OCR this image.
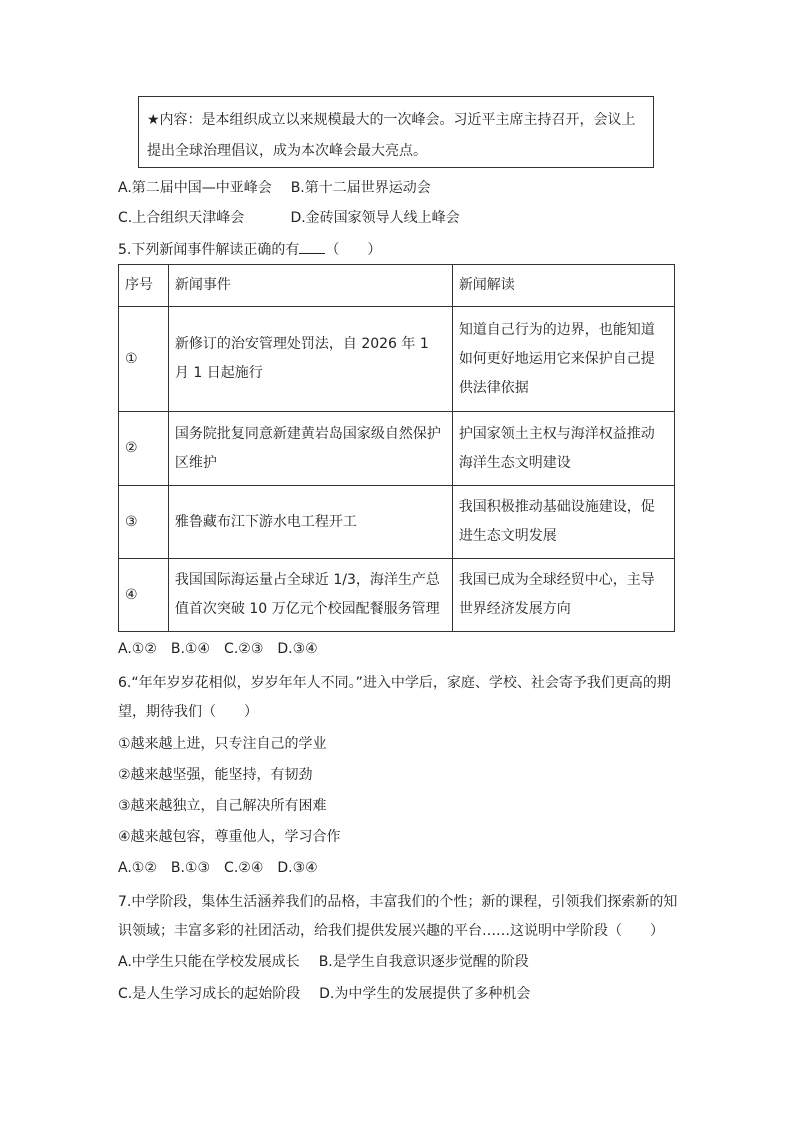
★内容：是本组织成立以来规模最大的一次峰会。习近平主席主持召开，会议上提出全球治理倡议，成为本次峰会最大亮点。
A.第二届中国—中亚峰会 B.第十二届世界运动会
C.上合组织天津峰会	D.金砖国家领导人线上峰会
5.下列新闻事件解读正确的有 （　　）
序号	新闻事件	新闻解读
①	新修订的治安管理处罚法，自 2026 年 1 月 1 日起施行	知道自己行为的边界，也能知道如何更好地运用它来保护自己提供法律依据
②	国务院批复同意新建黄岩岛国家级自然保护区维护	护国家领土主权与海洋权益推动海洋生态文明建设
③	雅鲁藏布江下游水电工程开工	我国积极推动基础设施建设，促进生态文明发展
④	我国国际海运量占全球近 1/3，海洋生产总值首次突破 10 万亿元个校园配餐服务管理	我国已成为全球经贸中心，主导世界经济发展方向
A.①②　B.①④　C.②③　D.③④
6.“年年岁岁花相似，岁岁年年人不同。”进入中学后，家庭、学校、社会寄予我们更高的期
望，期待我们（　　）
①越来越上进，只专注自己的学业
②越来越坚强，能坚持，有韧劲
③越来越独立，自己解决所有困难
④越来越包容，尊重他人，学习合作
A.①②　B.①③　C.②④　D.③④
7.中学阶段，集体生活涵养我们的品格，丰富我们的个性；新的课程，引领我们探索新的知
识领域；丰富多彩的社团活动，给我们提供发展兴趣的平台……这说明中学阶段（　　）
A.中学生只能在学校发展成长 B.是学生自我意识逐步觉醒的阶段
C.是人生学习成长的起始阶段 D.为中学生的发展提供了多种机会
